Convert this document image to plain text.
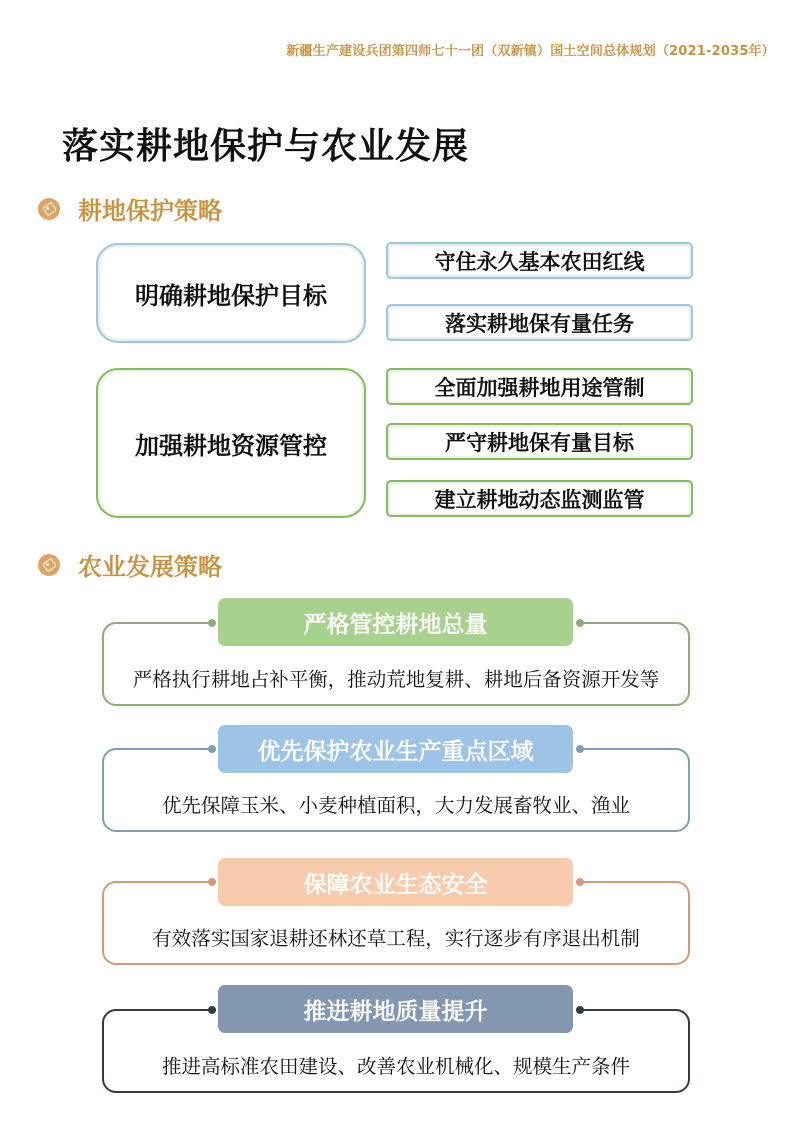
新疆生产建设兵团第四师七十一团（双新镇）国土空间总体规划（2021-2035年）
落实耕地保护与农业发展
耕地保护策略
明确耕地保护目标
守住永久基本农田红线
落实耕地保有量任务
加强耕地资源管控
全面加强耕地用途管制
严守耕地保有量目标
建立耕地动态监测监管
农业发展策略
严格执行耕地占补平衡，推动荒地复耕、耕地后备资源开发等
严格管控耕地总量
优先保障玉米、小麦种植面积，大力发展畜牧业、渔业
优先保护农业生产重点区域
有效落实国家退耕还林还草工程，实行逐步有序退出机制
保障农业生态安全
推进高标准农田建设、改善农业机械化、规模生产条件
推进耕地质量提升
